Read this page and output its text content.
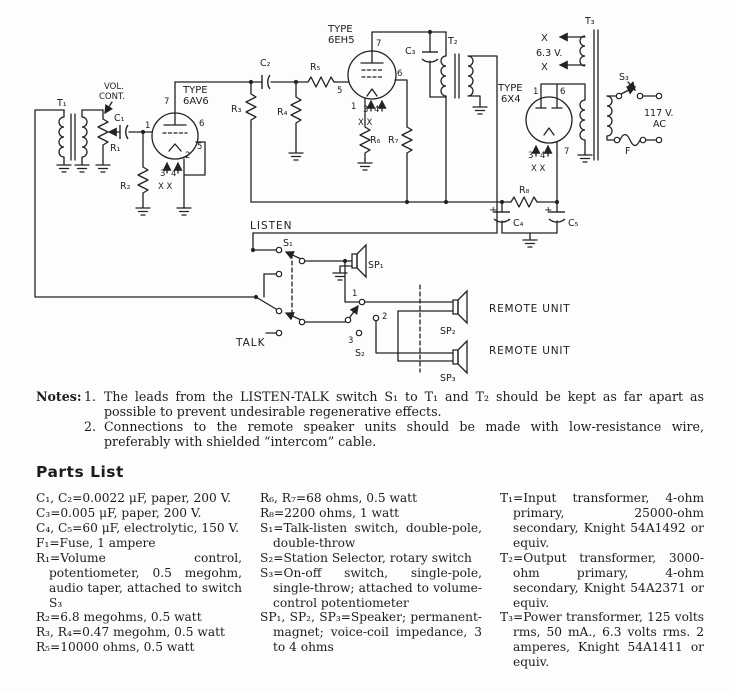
T₁
VOL.
CONT.
C₁
R₁
TYPE
6AV6
7
1	6
5
2
3 4
X X
R₂
R₃
C₂
R₄
R₅
TYPE
6EH5	7
5
6
1 3 4
X X
R₆ R₇
C₃
T₂
T₃
X
6.3 V.
X
TYPE
6X4
1	6
7
3 4
X X
S₃
117 V.
AC
F
R₈
+
C₄
+
C₅
LISTEN
S₁
SP₁
TALK
1
2
3
S₂
SP₂
SP₃
REMOTE UNIT
REMOTE UNIT
Notes: 1. The leads from the LISTEN-TALK switch S₁ to T₁ and T₂ should be kept as far apart as possible to prevent undesirable regenerative effects.
2. Connections to the remote speaker units should be made with low-resistance wire, preferably with shielded “intercom” cable.
Parts List
C₁, C₂=0.0022 μF, paper, 200 V.
C₃=0.005 μF, paper, 200 V.
C₄, C₅=60 μF, electrolytic, 150 V.
F₁=Fuse, 1 ampere
R₁=Volume control, potentiometer, 0.5 megohm, audio taper, attached to switch S₃
R₂=6.8 megohms, 0.5 watt
R₃, R₄=0.47 megohm, 0.5 watt
R₅=10000 ohms, 0.5 watt
R₆, R₇=68 ohms, 0.5 watt
R₈=2200 ohms, 1 watt
S₁=Talk-listen switch, double-pole, double-throw
S₂=Station Selector, rotary switch
S₃=On-off switch, single-pole, single-throw; attached to volume-control potentiometer
SP₁, SP₂, SP₃=Speaker; permanent-magnet; voice-coil impedance, 3 to 4 ohms
T₁=Input transformer, 4-ohm primary, 25000-ohm secondary, Knight 54A1492 or equiv.
T₂=Output transformer, 3000-ohm primary, 4-ohm secondary, Knight 54A2371 or equiv.
T₃=Power transformer, 125 volts rms, 50 mA., 6.3 volts rms. 2 amperes, Knight 54A1411 or equiv.
